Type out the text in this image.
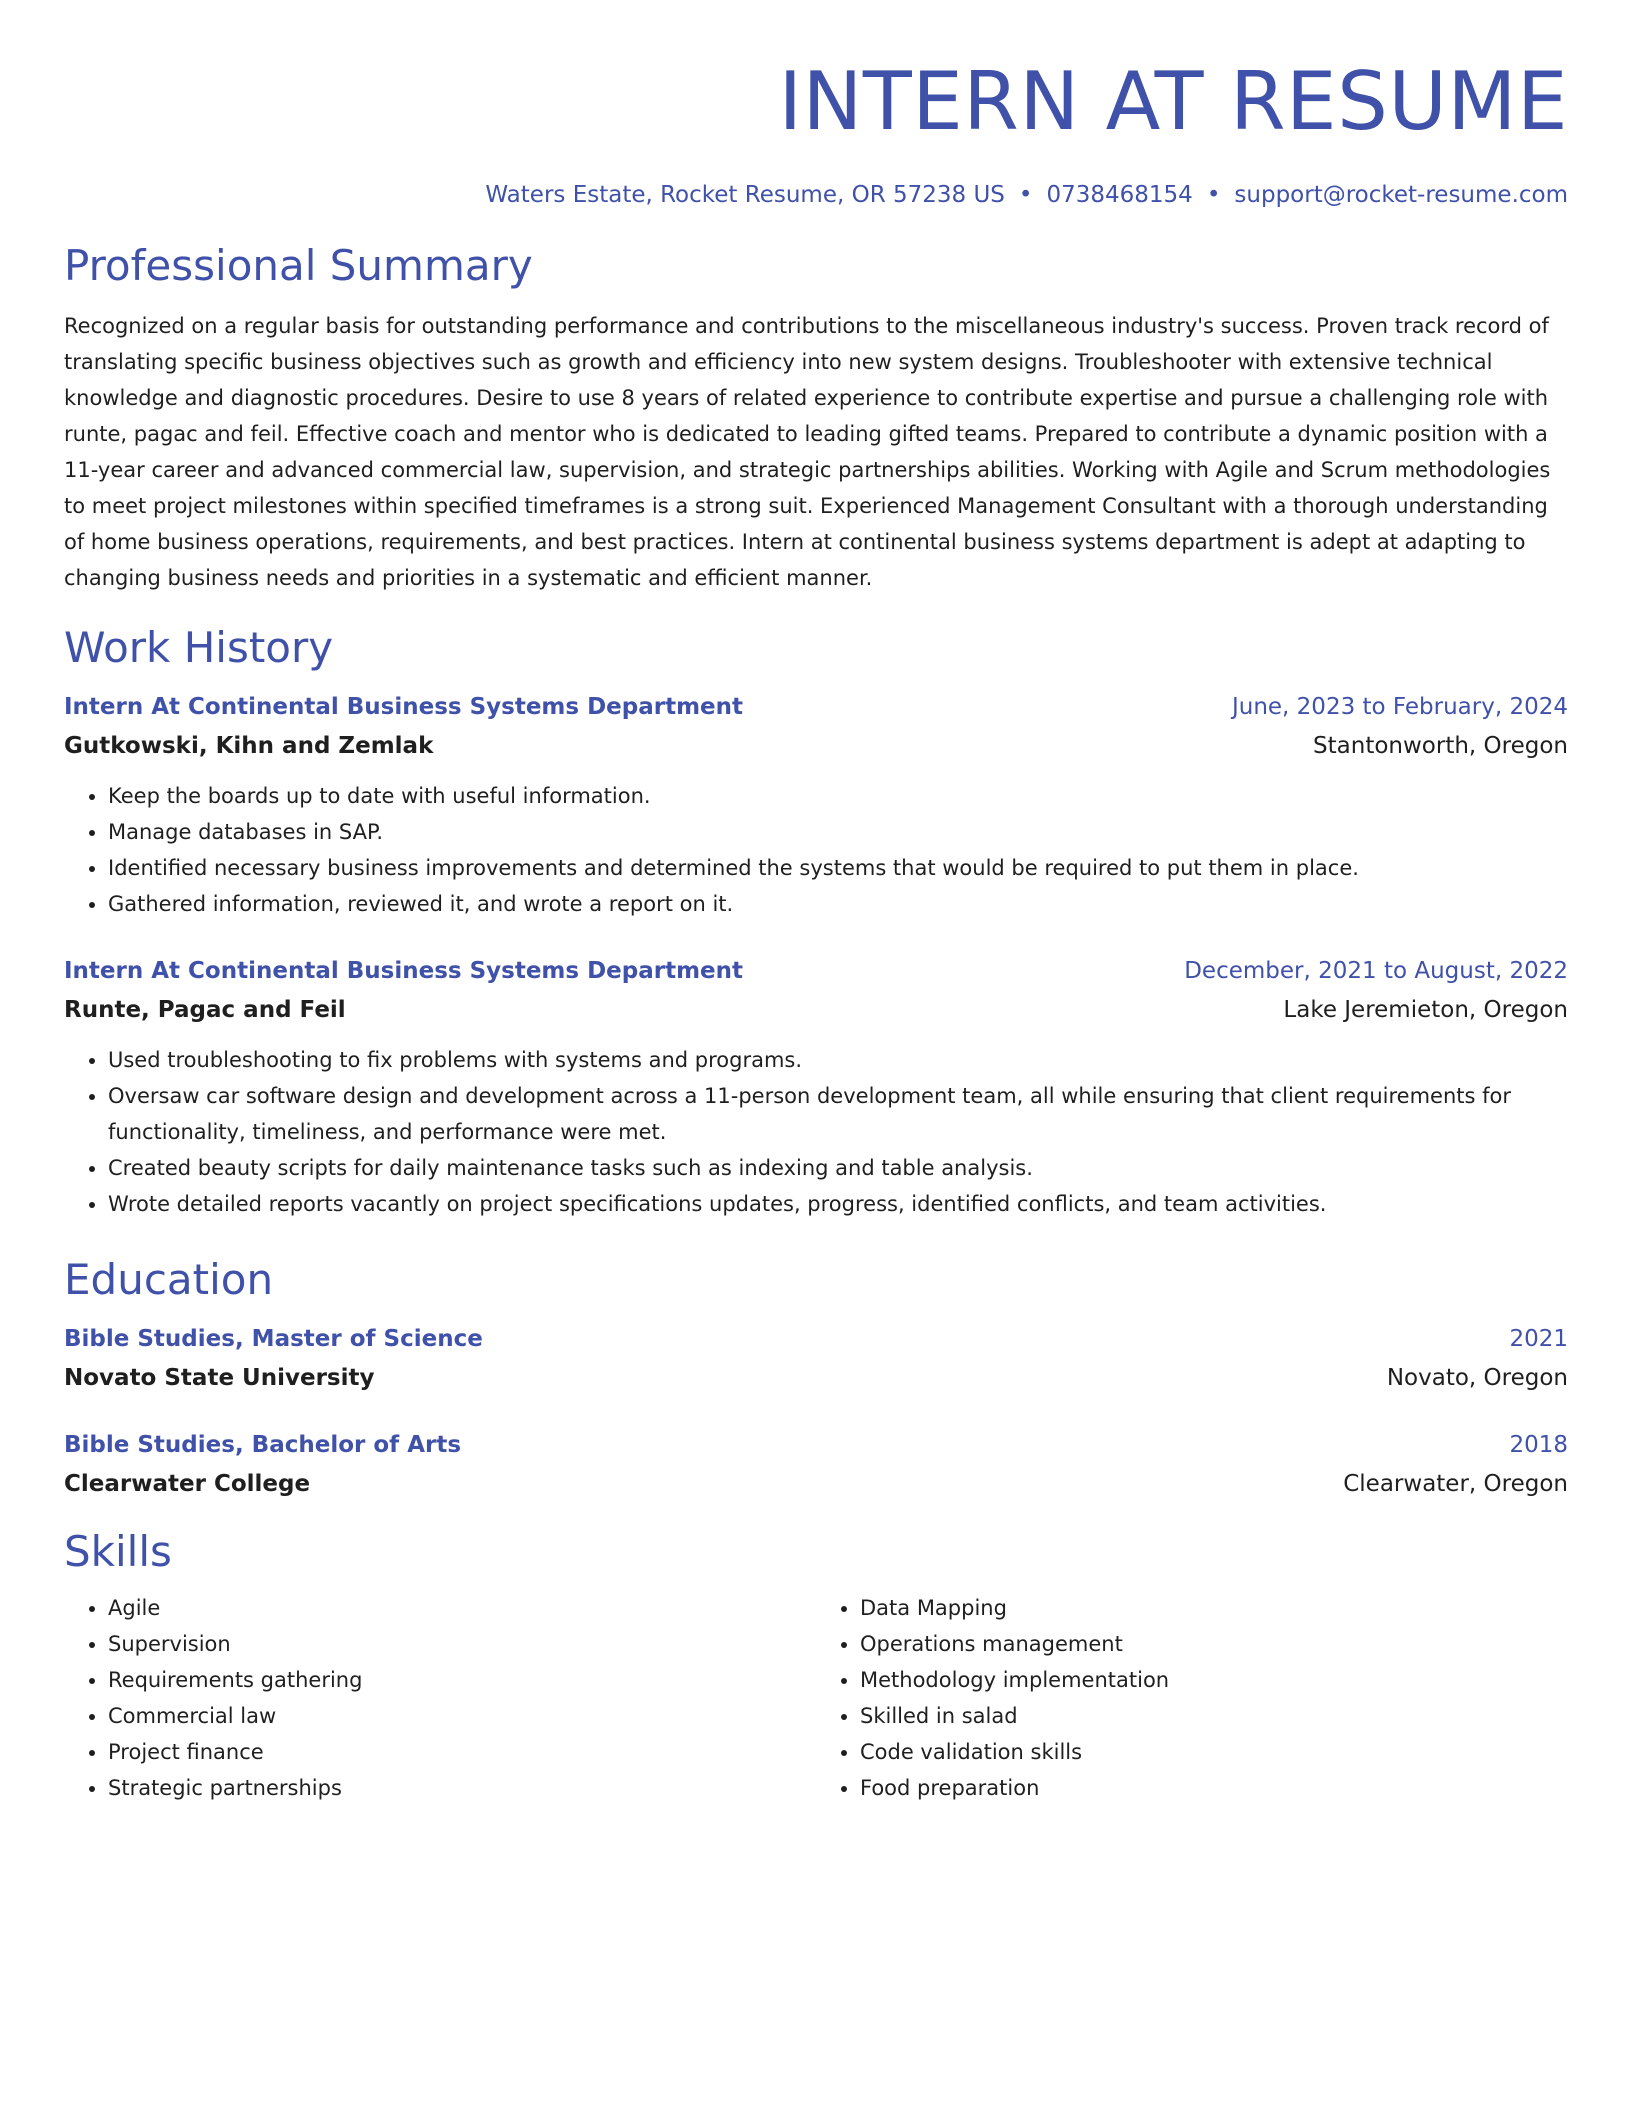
INTERN AT RESUME
Waters Estate, Rocket Resume, OR 57238 US • 0738468154 • support@rocket-resume.com
Professional Summary
Recognized on a regular basis for outstanding performance and contributions to the miscellaneous industry's success. Proven track record of translating specific business objectives such as growth and efficiency into new system designs. Troubleshooter with extensive technical knowledge and diagnostic procedures. Desire to use 8 years of related experience to contribute expertise and pursue a challenging role with runte, pagac and feil. Effective coach and mentor who is dedicated to leading gifted teams. Prepared to contribute a dynamic position with a 11-year career and advanced commercial law, supervision, and strategic partnerships abilities. Working with Agile and Scrum methodologies to meet project milestones within specified timeframes is a strong suit. Experienced Management Consultant with a thorough understanding of home business operations, requirements, and best practices. Intern at continental business systems department is adept at adapting to changing business needs and priorities in a systematic and efficient manner.
Work History
Intern At Continental Business Systems Department	June, 2023 to February, 2024
Gutkowski, Kihn and Zemlak	Stantonworth, Oregon
• Keep the boards up to date with useful information.
• Manage databases in SAP.
• Identified necessary business improvements and determined the systems that would be required to put them in place.
• Gathered information, reviewed it, and wrote a report on it.
Intern At Continental Business Systems Department	December, 2021 to August, 2022
Runte, Pagac and Feil	Lake Jeremieton, Oregon
• Used troubleshooting to fix problems with systems and programs.
• Oversaw car software design and development across a 11-person development team, all while ensuring that client requirements for functionality, timeliness, and performance were met.
• Created beauty scripts for daily maintenance tasks such as indexing and table analysis.
• Wrote detailed reports vacantly on project specifications updates, progress, identified conflicts, and team activities.
Education
Bible Studies, Master of Science	2021
Novato State University	Novato, Oregon
Bible Studies, Bachelor of Arts	2018
Clearwater College	Clearwater, Oregon
Skills
• Agile
• Supervision
• Requirements gathering
• Commercial law
• Project finance
• Strategic partnerships
• Data Mapping
• Operations management
• Methodology implementation
• Skilled in salad
• Code validation skills
• Food preparation
